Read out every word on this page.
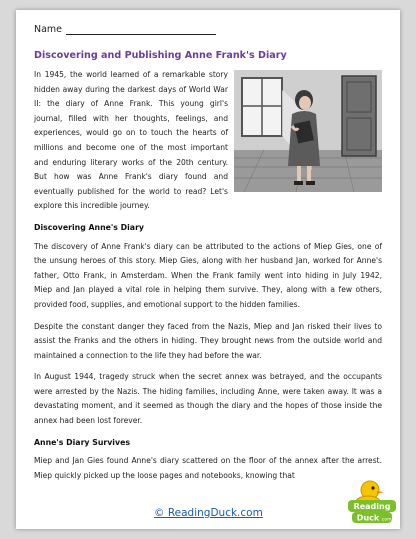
Name
Discovering and Publishing Anne Frank's Diary

In 1945, the world learned of a remarkable story hidden away during the darkest days of World War II: the diary of Anne Frank. This young girl's journal, filled with her thoughts, feelings, and experiences, would go on to touch the hearts of millions and become one of the most important and enduring literary works of the 20th century. But how was Anne Frank's diary found and eventually published for the world to read? Let's explore this incredible journey.

Discovering Anne's Diary

The discovery of Anne Frank's diary can be attributed to the actions of Miep Gies, one of the unsung heroes of this story. Miep Gies, along with her husband Jan, worked for Anne's father, Otto Frank, in Amsterdam. When the Frank family went into hiding in July 1942, Miep and Jan played a vital role in helping them survive. They, along with a few others, provided food, supplies, and emotional support to the hidden families.

Despite the constant danger they faced from the Nazis, Miep and Jan risked their lives to assist the Franks and the others in hiding. They brought news from the outside world and maintained a connection to the life they had before the war.

In August 1944, tragedy struck when the secret annex was betrayed, and the occupants were arrested by the Nazis. The hiding families, including Anne, were taken away. It was a devastating moment, and it seemed as though the diary and the hopes of those inside the annex had been lost forever.

Anne's Diary Survives

Miep and Jan Gies found Anne's diary scattered on the floor of the annex after the arrest. Miep quickly picked up the loose pages and notebooks, knowing that

© ReadingDuck.com
Reading
Duck .com
